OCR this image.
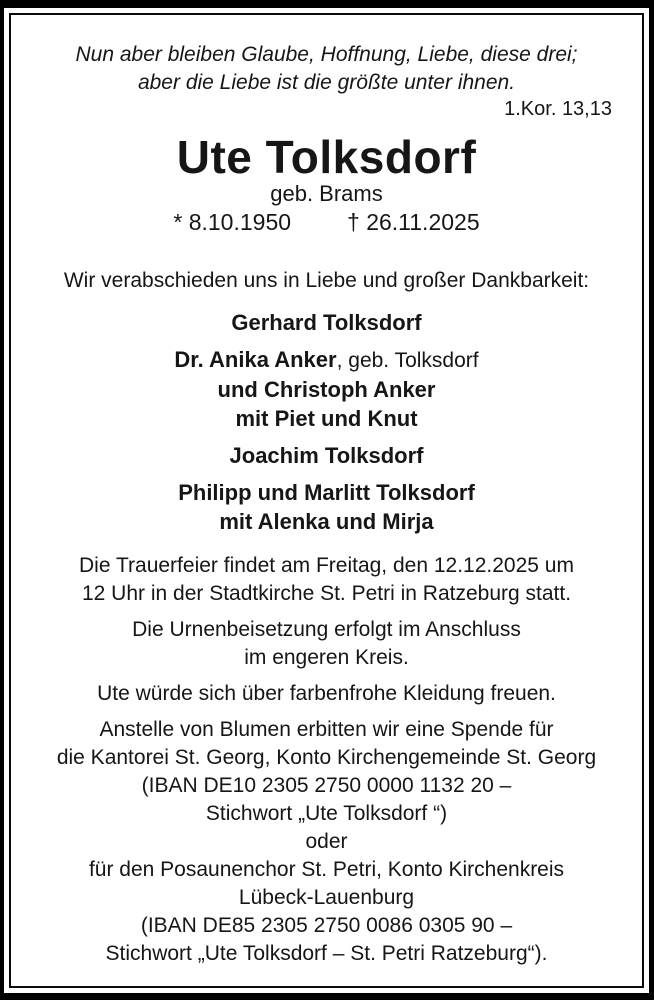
Nun aber bleiben Glaube, Hoffnung, Liebe, diese drei;
aber die Liebe ist die größte unter ihnen.
1.Kor. 13,13
Ute Tolksdorf
geb. Brams
* 8.10.1950 † 26.11.2025

Wir verabschieden uns in Liebe und großer Dankbarkeit:

Gerhard Tolksdorf
Dr. Anika Anker, geb. Tolksdorf
und Christoph Anker
mit Piet und Knut
Joachim Tolksdorf
Philipp und Marlitt Tolksdorf
mit Alenka und Mirja

Die Trauerfeier findet am Freitag, den 12.12.2025 um
12 Uhr in der Stadtkirche St. Petri in Ratzeburg statt.

Die Urnenbeisetzung erfolgt im Anschluss
im engeren Kreis.

Ute würde sich über farbenfrohe Kleidung freuen.

Anstelle von Blumen erbitten wir eine Spende für
die Kantorei St. Georg, Konto Kirchengemeinde St. Georg
(IBAN DE10 2305 2750 0000 1132 20 –
Stichwort „Ute Tolksdorf “)
oder
für den Posaunenchor St. Petri, Konto Kirchenkreis
Lübeck-Lauenburg
(IBAN DE85 2305 2750 0086 0305 90 –
Stichwort „Ute Tolksdorf – St. Petri Ratzeburg“).
